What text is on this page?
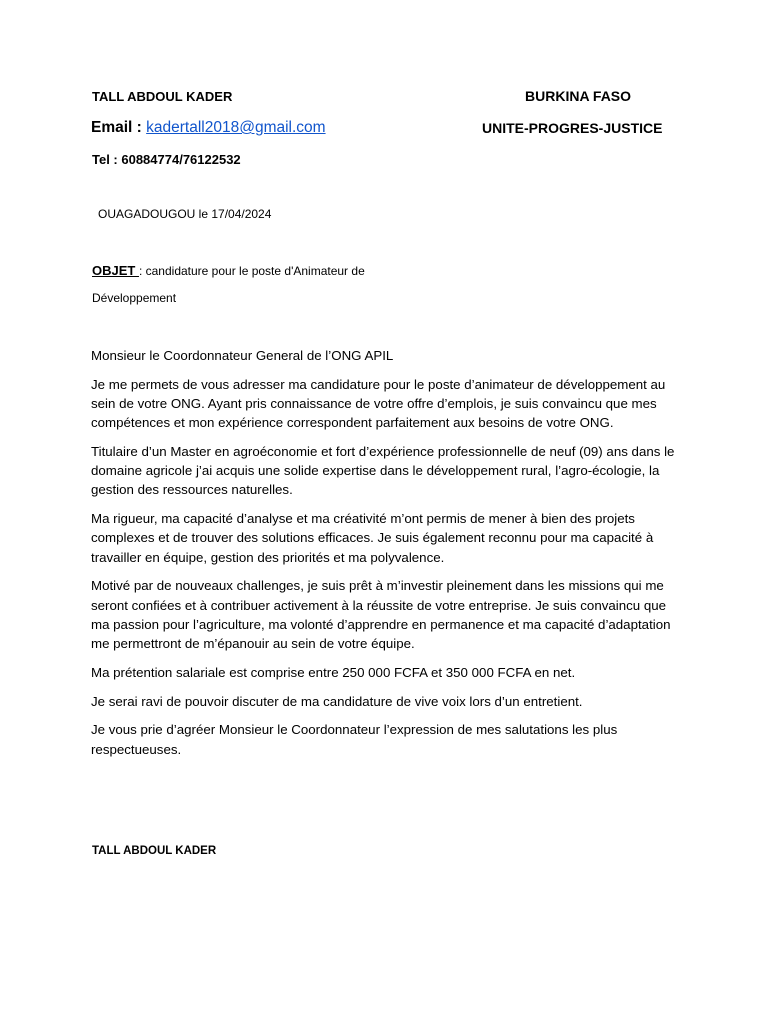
TALL ABDOUL KADER	BURKINA FASO
Email : kadertall2018@gmail.com	UNITE-PROGRES-JUSTICE
Tel : 60884774/76122532
OUAGADOUGOU le 17/04/2024
OBJET : candidature pour le poste d'Animateur de
Développement

Monsieur le Coordonnateur General de l’ONG APIL

Je me permets de vous adresser ma candidature pour le poste d’animateur de développement au sein de votre ONG. Ayant pris connaissance de votre offre d’emplois, je suis convaincu que mes compétences et mon expérience correspondent parfaitement aux besoins de votre ONG.

Titulaire d’un Master en agroéconomie et fort d’expérience professionnelle de neuf (09) ans dans le domaine agricole j’ai acquis une solide expertise dans le développement rural, l’agro-écologie, la gestion des ressources naturelles.

Ma rigueur, ma capacité d’analyse et ma créativité m’ont permis de mener à bien des projets complexes et de trouver des solutions efficaces. Je suis également reconnu pour ma capacité à travailler en équipe, gestion des priorités et ma polyvalence.

Motivé par de nouveaux challenges, je suis prêt à m’investir pleinement dans les missions qui me seront confiées et à contribuer activement à la réussite de votre entreprise. Je suis convaincu que ma passion pour l’agriculture, ma volonté d’apprendre en permanence et ma capacité d’adaptation me permettront de m’épanouir au sein de votre équipe.

Ma prétention salariale est comprise entre 250 000 FCFA et 350 000 FCFA en net.

Je serai ravi de pouvoir discuter de ma candidature de vive voix lors d’un entretient.

Je vous prie d’agréer Monsieur le Coordonnateur l’expression de mes salutations les plus respectueuses.

TALL ABDOUL KADER
